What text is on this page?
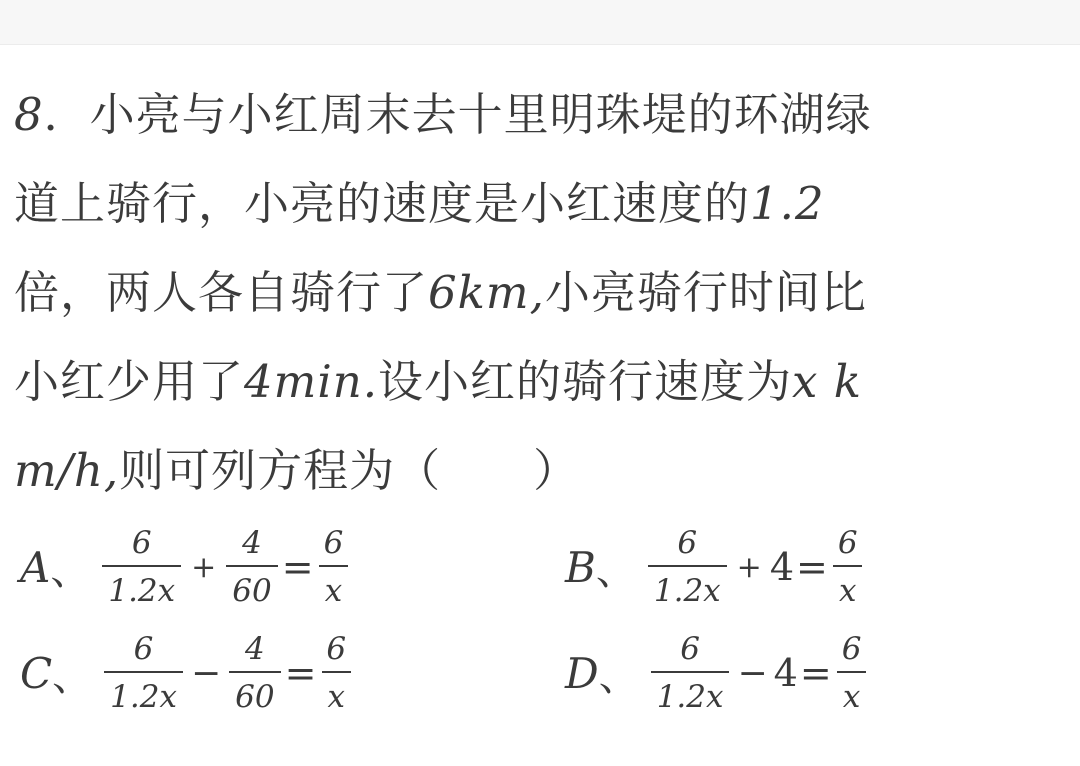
8．小亮与小红周末去十里明珠堤的环湖绿
道上骑行，小亮的速度是小红速度的1.2
倍，两人各自骑行了6km,小亮骑行时间比
小红少用了4min.设小红的骑行速度为x k
m/h,则可列方程为（ ）
A 、 $\frac{6}{1.2x} + \frac{4}{60} = \frac{6}{x}$	B 、 $\frac{6}{1.2x} + 4 = \frac{6}{x}$
C 、 $\frac{6}{1.2x} - \frac{4}{60} = \frac{6}{x}$	D 、 $\frac{6}{1.2x} - 4 = \frac{6}{x}$
